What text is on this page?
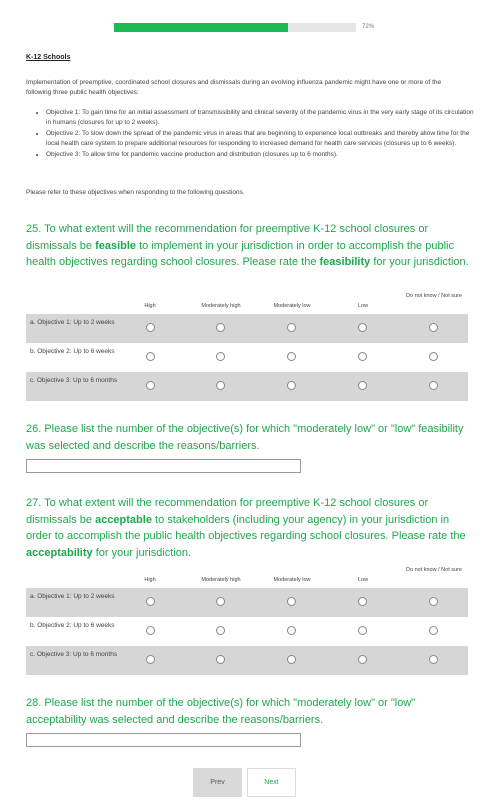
72%
K-12 Schools
Implementation of preemptive, coordinated school closures and dismissals during an evolving influenza pandemic might have one or more of the following three public health objectives:
• Objective 1: To gain time for an initial assessment of transmissibility and clinical severity of the pandemic virus in the very early stage of its circulation in humans (closures for up to 2 weeks).
• Objective 2: To slow down the spread of the pandemic virus in areas that are beginning to experience local outbreaks and thereby allow time for the local health care system to prepare additional resources for responding to increased demand for health care services (closures up to 6 weeks).
• Objective 3: To allow time for pandemic vaccine production and distribution (closures up to 6 months).
Please refer to these objectives when responding to the following questions.
25. To what extent will the recommendation for preemptive K-12 school closures or dismissals be feasible to implement in your jurisdiction in order to accomplish the public health objectives regarding school closures. Please rate the feasibility for your jurisdiction.
High	Moderately high	Moderately low	Low
Do not know / Not sure
a. Objective 1: Up to 2 weeks
b. Objective 2: Up to 6 weeks
c. Objective 3: Up to 6 months
26. Please list the number of the objective(s) for which "moderately low" or "low" feasibility was selected and describe the reasons/barriers.
27. To what extent will the recommendation for preemptive K-12 school closures or dismissals be acceptable to stakeholders (including your agency) in your jurisdiction in order to accomplish the public health objectives regarding school closures. Please rate the acceptability for your jurisdiction.
High	Moderately high	Moderately low	Low
Do not know / Not sure
a. Objective 1: Up to 2 weeks
b. Objective 2: Up to 6 weeks
c. Objective 3: Up to 6 months
28. Please list the number of the objective(s) for which "moderately low" or "low" acceptability was selected and describe the reasons/barriers.
Prev	Next
